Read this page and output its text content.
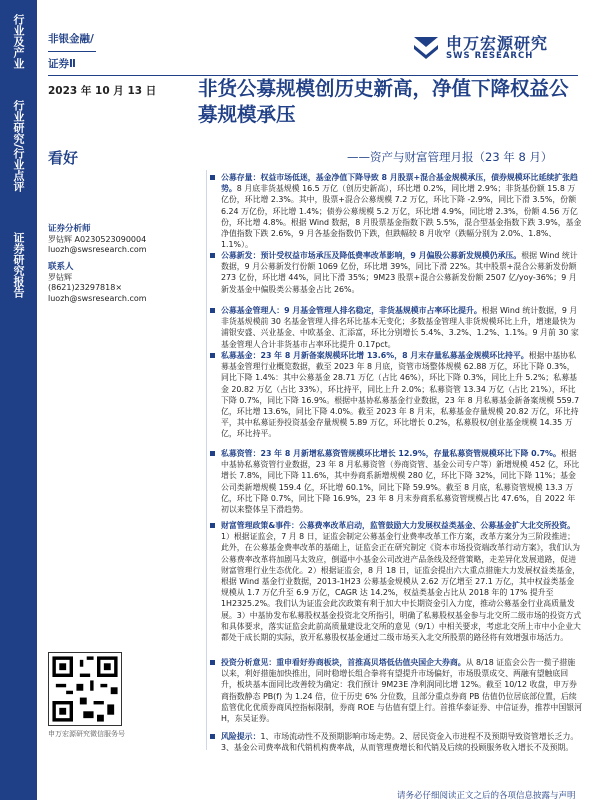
行业及产业
行业研究/行业点评
证券研究报告
非银金融/
证券Ⅱ
申万宏源研究
SWS RESEARCH
2023 年 10 月 13 日 非货公募规模创历史新高，净值下降权益公募规模承压
看好	——资产与财富管理月报（23 年 8 月）
证券分析师
罗钻辉 A0230523090004
luozh@swsresearch.com
联系人
罗钻辉
(8621)23297818×
luozh@swsresearch.com

公募存量：权益市场低迷，基金净值下降导致 8 月股票+混合基金规模承压，债券规模环比延续扩张趋势。8 月底非货基规模 16.5 万亿（创历史新高），环比增 0.2%，同比增 2.9%；非货基份额 15.8 万亿份，环比增 2.3%。其中，股票+混合公募规模 7.2 万亿，环比下降 -2.9%，同比下滑 3.5%，份额 6.24 万亿份，环比增 1.4%；债券公募规模 5.2 万亿，环比增 4.9%，同比增 2.3%，份额 4.56 万亿份，环比增 4.8%。根据 Wind 数据，8 月股票基金指数下跌 5.5%，混合型基金指数下跌 3.9%，基金净值指数下跌 2.6%，9 月各基金指数仍下跌，但跌幅较 8 月收窄（跌幅分别为 2.0%、1.8%、1.1%）。

公募新发：预计受权益市场承压及降低费率改革影响，9 月偏股公募新发规模仍承压。根据 Wind 统计数据，9 月公募新发行份额 1069 亿份，环比增 39%，同比下滑 22%。其中股票+混合公募新发份额 273 亿份，环比增 44%，同比下滑 35%；9M23 股票+混合公募新发份额 2507 亿/yoy-36%；9 月新发基金中偏股类公募基金占比 26%。

公募基金管理人：9 月基金管理人排名稳定，非货基规模市占率环比提升。根据 Wind 统计数据，9 月非货基规模前 30 名基金管理人排名环比基本无变化；多数基金管理人非货规模环比上升，增速最快为浦银安盛、兴业基金、中欧基金、汇添富，环比分别增长 5.4%、3.2%、1.2%、1.1%。9 月前 30 家基金管理人合计非货基市占率环比提升 0.17pct。

私募基金：23 年 8 月新备案规模环比增 13.6%，8 月末存量私募基金规模环比持平。根据中基协私募基金管理行业概览数据，截至 2023 年 8 月底，资管市场整体规模 62.88 万亿，环比下降 0.3%，同比下降 1.4%：其中公募基金 28.71 万亿（占比 46%），环比下降 0.3%，同比上升 5.2%；私募基金 20.82 万亿（占比 33%），环比持平，同比上升 2.0%；私募资管 13.34 万亿（占比 21%），环比下降 0.7%，同比下降 16.9%。根据中基协私募基金行业数据，23 年 8 月私募基金新备案规模 559.7 亿，环比增 13.6%，同比下降 4.0%。截至 2023 年 8 月末，私募基金存量规模 20.82 万亿，环比持平，其中私募证券投资基金存量规模 5.89 万亿，环比增长 0.2%，私募股权/创业基金规模 14.35 万亿，环比持平。

私募资管：23 年 8 月新增私募资管规模环比增长 12.9%，存量私募资管规模环比下降 0.7%。根据中基协私募资管行业数据，23 年 8 月私募资管（券商资管、基金公司专户等）新增规模 452 亿，环比增长 7.8%，同比下降 11.6%，其中券商系新增规模 280 亿，环比下降 32%，同比下降 11%；基金公司类新增规模 159.4 亿，环比增 60.1%，同比下降 59.9%。截至 8 月底，私募资管规模 13.3 万亿，环比下降 0.7%，同比下降 16.9%，23 年 8 月末券商系私募资管规模占比 47.6%，自 2022 年初以来整体呈下滑趋势。

财富管理政策&事件：公募费率改革启动，监管鼓励大力发展权益类基金、公募基金扩大北交所投资。1）根据证监会，7 月 8 日，证监会制定公募基金行业费率改革工作方案，改革方案分为三阶段推进；此外，在公募基金费率改革的基础上，证监会正在研究制定《资本市场投资端改革行动方案》，我们认为公募费率改革将加剧马太效应，倒逼中小基金公司改进产品条线及经营策略，走差异化发展道路，促进财富管理行业生态优化。2）根据证监会，8 月 18 日，证监会提出六大重点措施大力发展权益类基金，根据 Wind 基金行业数据，2013-1H23 公募基金规模从 2.62 万亿增至 27.1 万亿，其中权益类基金规模从 1.7 万亿升至 6.9 万亿，CAGR 达 14.2%，权益类基金占比从 2018 年的 17% 提升至 1H2325.2%。我们认为证监会此次政策有利于加大中长期资金引入力度，推动公募基金行业高质量发展。3）中基协发布私募股权基金投资北交所指引，明确了私募股权基金参与北交所二级市场的投资方式和具体要求，落实证监会此前高质量建设北交所的意见（9/1）中相关要求，考虑北交所上市中小企业大都处于成长期的实际，放开私募股权基金通过二级市场买入北交所股票的路径将有效增强市场活力。

投资分析意见：重申看好券商板块，首推高贝塔低估值央国企大券商。从 8/18 证监会公告一揽子措施以来，利好措施加快推出，同时稳增长组合拳将有望提升市场偏好，市场股票成交、两融有望触底回升，板块基本面同比改善较为确定：我们预计 9M23E 净利润同比增 12%。截至 10/12 收盘，申万券商指数静态 PB(f) 为 1.24 倍，位于历史 6% 分位数，且部分重点券商 PB 估值仍位居底部位置，后续监管优化优质券商风控指标限制，券商 ROE 与估值有望上行。首推华泰证券、中信证券，推荐中国银河 H，东吴证券。

风险提示：1、市场流动性不及预期影响市场走势。2、居民资金入市进程不及预期导致资管增长乏力。3、基金公司费率战和代销机构费率战，从而管理费增长和代销及后续的投顾服务收入增长不及预期。

申万宏源研究微信服务号
请务必仔细阅读正文之后的各项信息披露与声明
